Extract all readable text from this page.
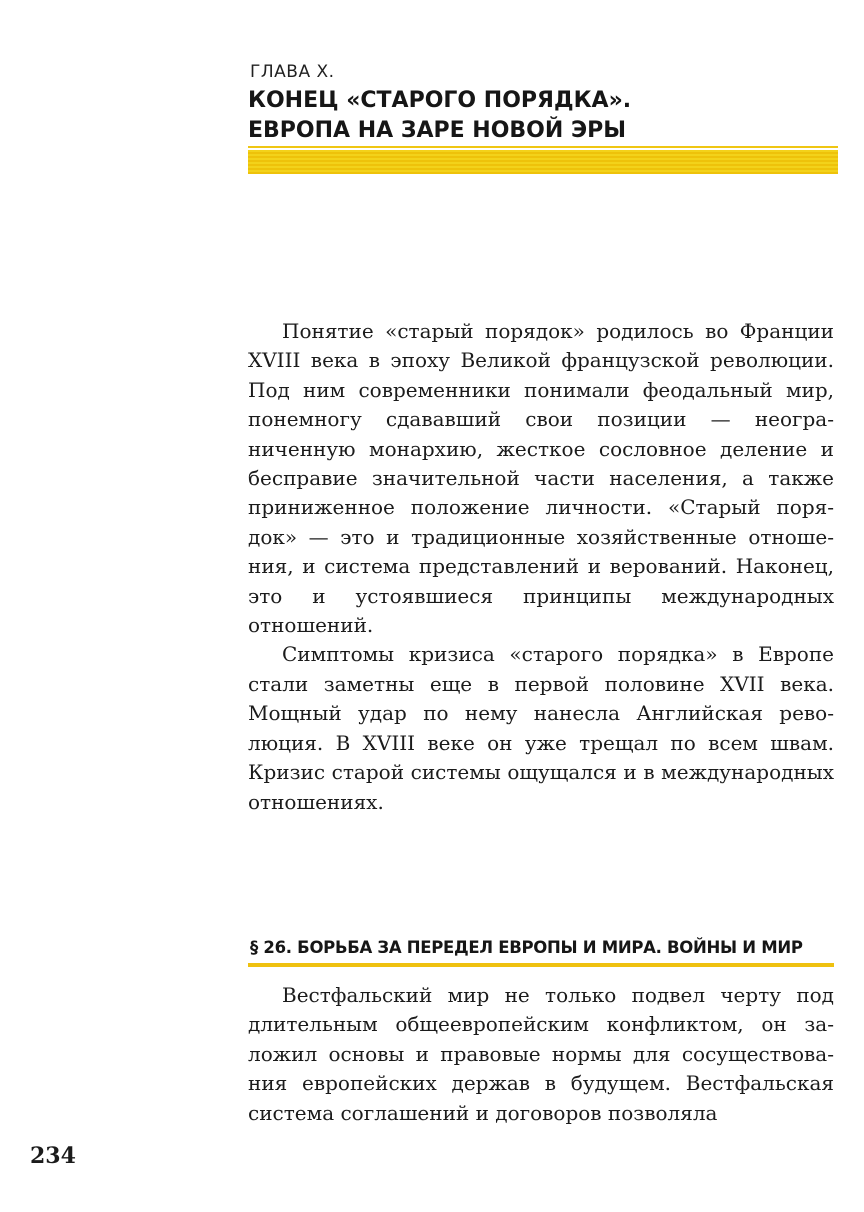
ГЛАВА X.
КОНЕЦ «СТАРОГО ПОРЯДКА».
ЕВРОПА НА ЗАРЕ НОВОЙ ЭРЫ

Понятие «старый порядок» родилось во Франции XVIII века в эпоху Великой французской революции. Под ним современники понимали феодальный мир, понемногу сдававший свои позиции — неограниченную монархию, жесткое сословное деление и бесправие значительной части населения, а также приниженное положение личности. «Старый порядок» — это и традиционные хозяйственные отношения, и система представлений и верований. Наконец, это и устоявшиеся принципы международных отношений.

Симптомы кризиса «старого порядка» в Европе стали заметны еще в первой половине XVII века. Мощный удар по нему нанесла Английская революция. В XVIII веке он уже трещал по всем швам. Кризис старой системы ощущался и в международных отношениях.

§ 26. БОРЬБА ЗА ПЕРЕДЕЛ ЕВРОПЫ И МИРА. ВОЙНЫ И МИР

Вестфальский мир не только подвел черту под длительным общеевропейским конфликтом, он заложил основы и правовые нормы для сосуществования европейских держав в будущем. Вестфальская система соглашений и договоров позволяла

234
